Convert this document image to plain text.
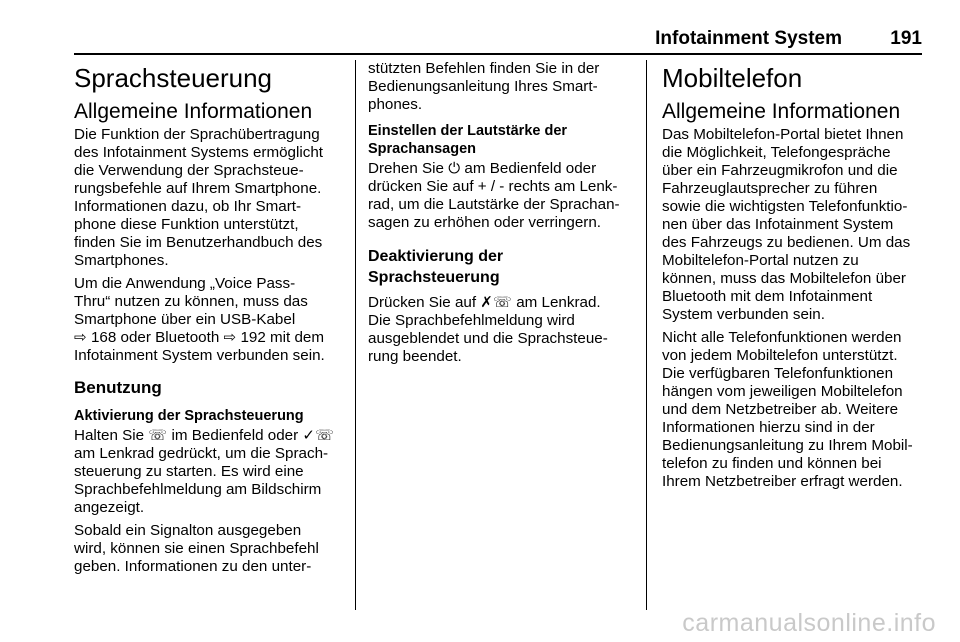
Infotainment System	191
Sprachsteuerung
Allgemeine Informationen

Die Funktion der Sprachübertragung
des Infotainment Systems ermöglicht
die Verwendung der Sprachsteue‐
rungsbefehle auf Ihrem Smartphone.
Informationen dazu, ob Ihr Smart‐
phone diese Funktion unterstützt,
finden Sie im Benutzerhandbuch des
Smartphones.

Um die Anwendung „Voice Pass-
Thru“ nutzen zu können, muss das
Smartphone über ein USB-Kabel
⇨ 168 oder Bluetooth ⇨ 192 mit dem
Infotainment System verbunden sein.

Benutzung
Aktivierung der Sprachsteuerung

Halten Sie ☏ im Bedienfeld oder ✓☏
am Lenkrad gedrückt, um die Sprach‐
steuerung zu starten. Es wird eine
Sprachbefehlmeldung am Bildschirm
angezeigt.

Sobald ein Signalton ausgegeben
wird, können sie einen Sprachbefehl
geben. Informationen zu den unter‐

stützten Befehlen finden Sie in der
Bedienungsanleitung Ihres Smart‐
phones.

Einstellen der Lautstärke der
Sprachansagen

Drehen Sie ⏻ am Bedienfeld oder
drücken Sie auf + / - rechts am Lenk‐
rad, um die Lautstärke der Sprachan‐
sagen zu erhöhen oder verringern.

Deaktivierung der
Sprachsteuerung

Drücken Sie auf ✗☏ am Lenkrad.
Die Sprachbefehlmeldung wird
ausgeblendet und die Sprachsteue‐
rung beendet.

Mobiltelefon
Allgemeine Informationen

Das Mobiltelefon-Portal bietet Ihnen
die Möglichkeit, Telefongespräche
über ein Fahrzeugmikrofon und die
Fahrzeuglautsprecher zu führen
sowie die wichtigsten Telefonfunktio‐
nen über das Infotainment System
des Fahrzeugs zu bedienen. Um das
Mobiltelefon-Portal nutzen zu
können, muss das Mobiltelefon über
Bluetooth mit dem Infotainment
System verbunden sein.

Nicht alle Telefonfunktionen werden
von jedem Mobiltelefon unterstützt.
Die verfügbaren Telefonfunktionen
hängen vom jeweiligen Mobiltelefon
und dem Netzbetreiber ab. Weitere
Informationen hierzu sind in der
Bedienungsanleitung zu Ihrem Mobil‐
telefon zu finden und können bei
Ihrem Netzbetreiber erfragt werden.

carmanualsonline.info
